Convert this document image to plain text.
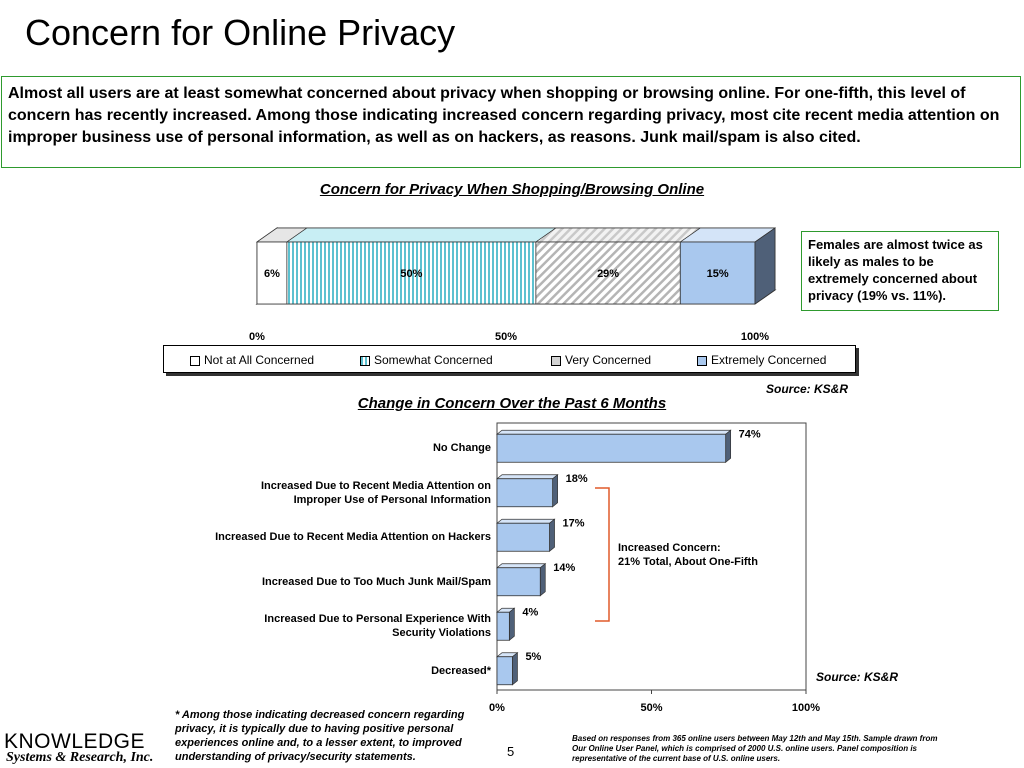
Concern for Online Privacy
Almost all users are at least somewhat concerned about privacy when shopping or browsing online. For one-fifth, this level of concern has recently increased. Among those indicating increased concern regarding privacy, most cite recent media attention on improper business use of personal information, as well as on hackers, as reasons. Junk mail/spam is also cited.
Concern for Privacy When Shopping/Browsing Online
6%	50%	29%	15%
0%	50%	100%
74%
18%
17%
14%
4%
5%
0%	50%	100%
Not at All Concerned	Somewhat Concerned	Very Concerned	Extremely Concerned
Females are almost twice as likely as males to be extremely concerned about privacy (19% vs. 11%).
Source: KS&R
Change in Concern Over the Past 6 Months
No Change
Increased Due to Recent Media Attention on
Improper Use of Personal Information
Increased Due to Recent Media Attention on Hackers
Increased Due to Too Much Junk Mail/Spam
Increased Due to Personal Experience With
Security Violations
Decreased*
Increased Concern:
21% Total, About One-Fifth
Source: KS&R
* Among those indicating decreased concern regarding privacy, it is typically due to having positive personal experiences online and, to a lesser extent, to improved understanding of privacy/security statements.
Based on responses from 365 online users between May 12th and May 15th. Sample drawn from Our Online User Panel, which is comprised of 2000 U.S. online users. Panel composition is representative of the current base of U.S. online users.
5
KNOWLEDGE
Systems & Research, Inc.
